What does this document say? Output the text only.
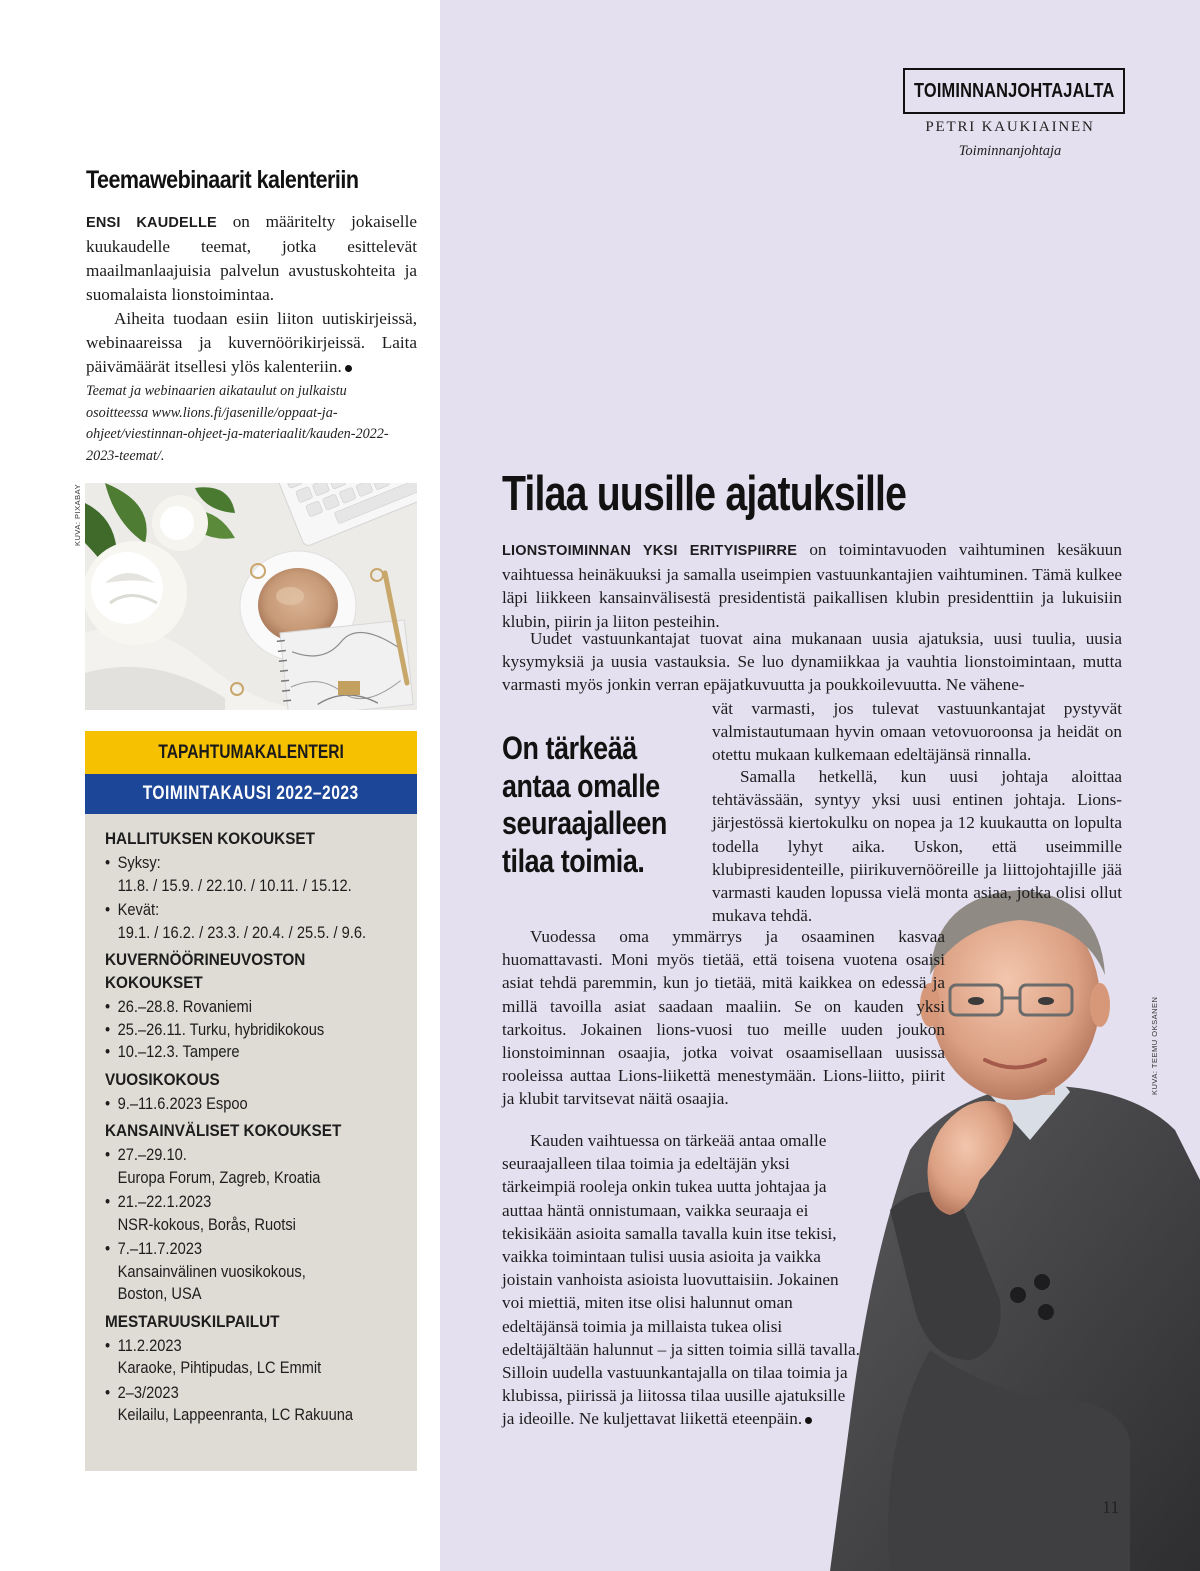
Teemawebinaarit kalenteriin

ENSI KAUDELLE on määritelty jokaiselle kuukaudelle teemat, jotka esittelevät maailmanlaajuisia palvelun avustuskohteita ja suomalaista lionstoimintaa.

Aiheita tuodaan esiin liiton uutiskirjeissä, webinaareissa ja kuvernöörikirjeissä. Laita päivämäärät itsellesi ylös kalenteriin.

Teemat ja webinaarien aikataulut on julkaistu osoitteessa www.lions.fi/jasenille/oppaat-ja-ohjeet/viestinnan-ohjeet-ja-materiaalit/kauden-2022-2023-teemat/.
KUVA: PIXABAY
TAPAHTUMAKALENTERI
TOIMINTAKAUSI 2022–2023
HALLITUKSEN KOKOUKSET
• Syksy:
11.8. / 15.9. / 22.10. / 10.11. / 15.12.
• Kevät:
19.1. / 16.2. / 23.3. / 20.4. / 25.5. / 9.6.
KUVERNÖÖRINEUVOSTON
KOKOUKSET
• 26.–28.8. Rovaniemi
• 25.–26.11. Turku, hybridikokous
• 10.–12.3. Tampere
VUOSIKOKOUS
• 9.–11.6.2023 Espoo
KANSAINVÄLISET KOKOUKSET
• 27.–29.10.
Europa Forum, Zagreb, Kroatia
• 21.–22.1.2023
NSR-kokous, Borås, Ruotsi
• 7.–11.7.2023
Kansainvälinen vuosikokous,
Boston, USA
MESTARUUSKILPAILUT
• 11.2.2023
Karaoke, Pihtipudas, LC Emmit
• 2–3/2023
Keilailu, Lappeenranta, LC Rakuuna
TOIMINNANJOHTAJALTA
PETRI KAUKIAINEN
Toiminnanjohtaja
KUVA: TEEMU OKSANEN
Tilaa uusille ajatuksille
LIONSTOIMINNAN YKSI ERITYISPIIRRE on toimintavuoden vaihtuminen kesäkuun vaihtuessa heinäkuuksi ja samalla useimpien vastuunkantajien vaihtuminen. Tämä kulkee läpi liikkeen kansainvälisestä presidentistä paikallisen klubin presidenttiin ja lukuisiin klubin, piirin ja liiton pesteihin.
Uudet vastuunkantajat tuovat aina mukanaan uusia ajatuksia, uusi tuulia, uusia kysymyksiä ja uusia vastauksia. Se luo dynamiikkaa ja vauhtia lionstoimintaan, mutta varmasti myös jonkin verran epäjatkuvuutta ja poukkoilevuutta. Ne vähene-
vät varmasti, jos tulevat vastuunkantajat pystyvät valmistautumaan hyvin omaan vetovuoroonsa ja heidät on otettu mukaan kulkemaan edeltäjänsä rinnalla.
On tärkeää
antaa omalle
seuraajalleen
tilaa toimia.
Samalla hetkellä, kun uusi johtaja aloittaa tehtävässään, syntyy yksi uusi entinen johtaja. Lions-järjestössä kiertokulku on nopea ja 12 kuukautta on lopulta todella lyhyt aika. Uskon, että useimmille klubipresidenteille, piirikuvernööreille ja liittojohtajille jää varmasti kauden lopussa vielä monta asiaa, jotka olisi ollut mukava tehdä.
Vuodessa oma ymmärrys ja osaaminen kasvaa huomattavasti. Moni myös tietää, että toisena vuotena osaisi asiat tehdä paremmin, kun jo tietää, mitä kaikkea on edessä ja millä tavoilla asiat saadaan maaliin. Se on kauden yksi tarkoitus. Jokainen lions-vuosi tuo meille uuden joukon lionstoiminnan osaajia, jotka voivat osaamisellaan uusissa rooleissa auttaa Lions-liikettä menestymään. Lions-liitto, piirit ja klubit tarvitsevat näitä osaajia.
Kauden vaihtuessa on tärkeää antaa omalle seuraajalleen tilaa toimia ja edeltäjän yksi tärkeimpiä rooleja onkin tukea uutta johtajaa ja auttaa häntä onnistumaan, vaikka seuraaja ei tekisikään asioita samalla tavalla kuin itse tekisi, vaikka toimintaan tulisi uusia asioita ja vaikka joistain vanhoista asioista luovuttaisiin. Jokainen voi miettiä, miten itse olisi halunnut oman edeltäjänsä toimia ja millaista tukea olisi edeltäjältään halunnut – ja sitten toimia sillä tavalla. Silloin uudella vastuunkantajalla on tilaa toimia ja klubissa, piirissä ja liitossa tilaa uusille ajatuksille ja ideoille. Ne kuljettavat liikettä eteenpäin.
11
